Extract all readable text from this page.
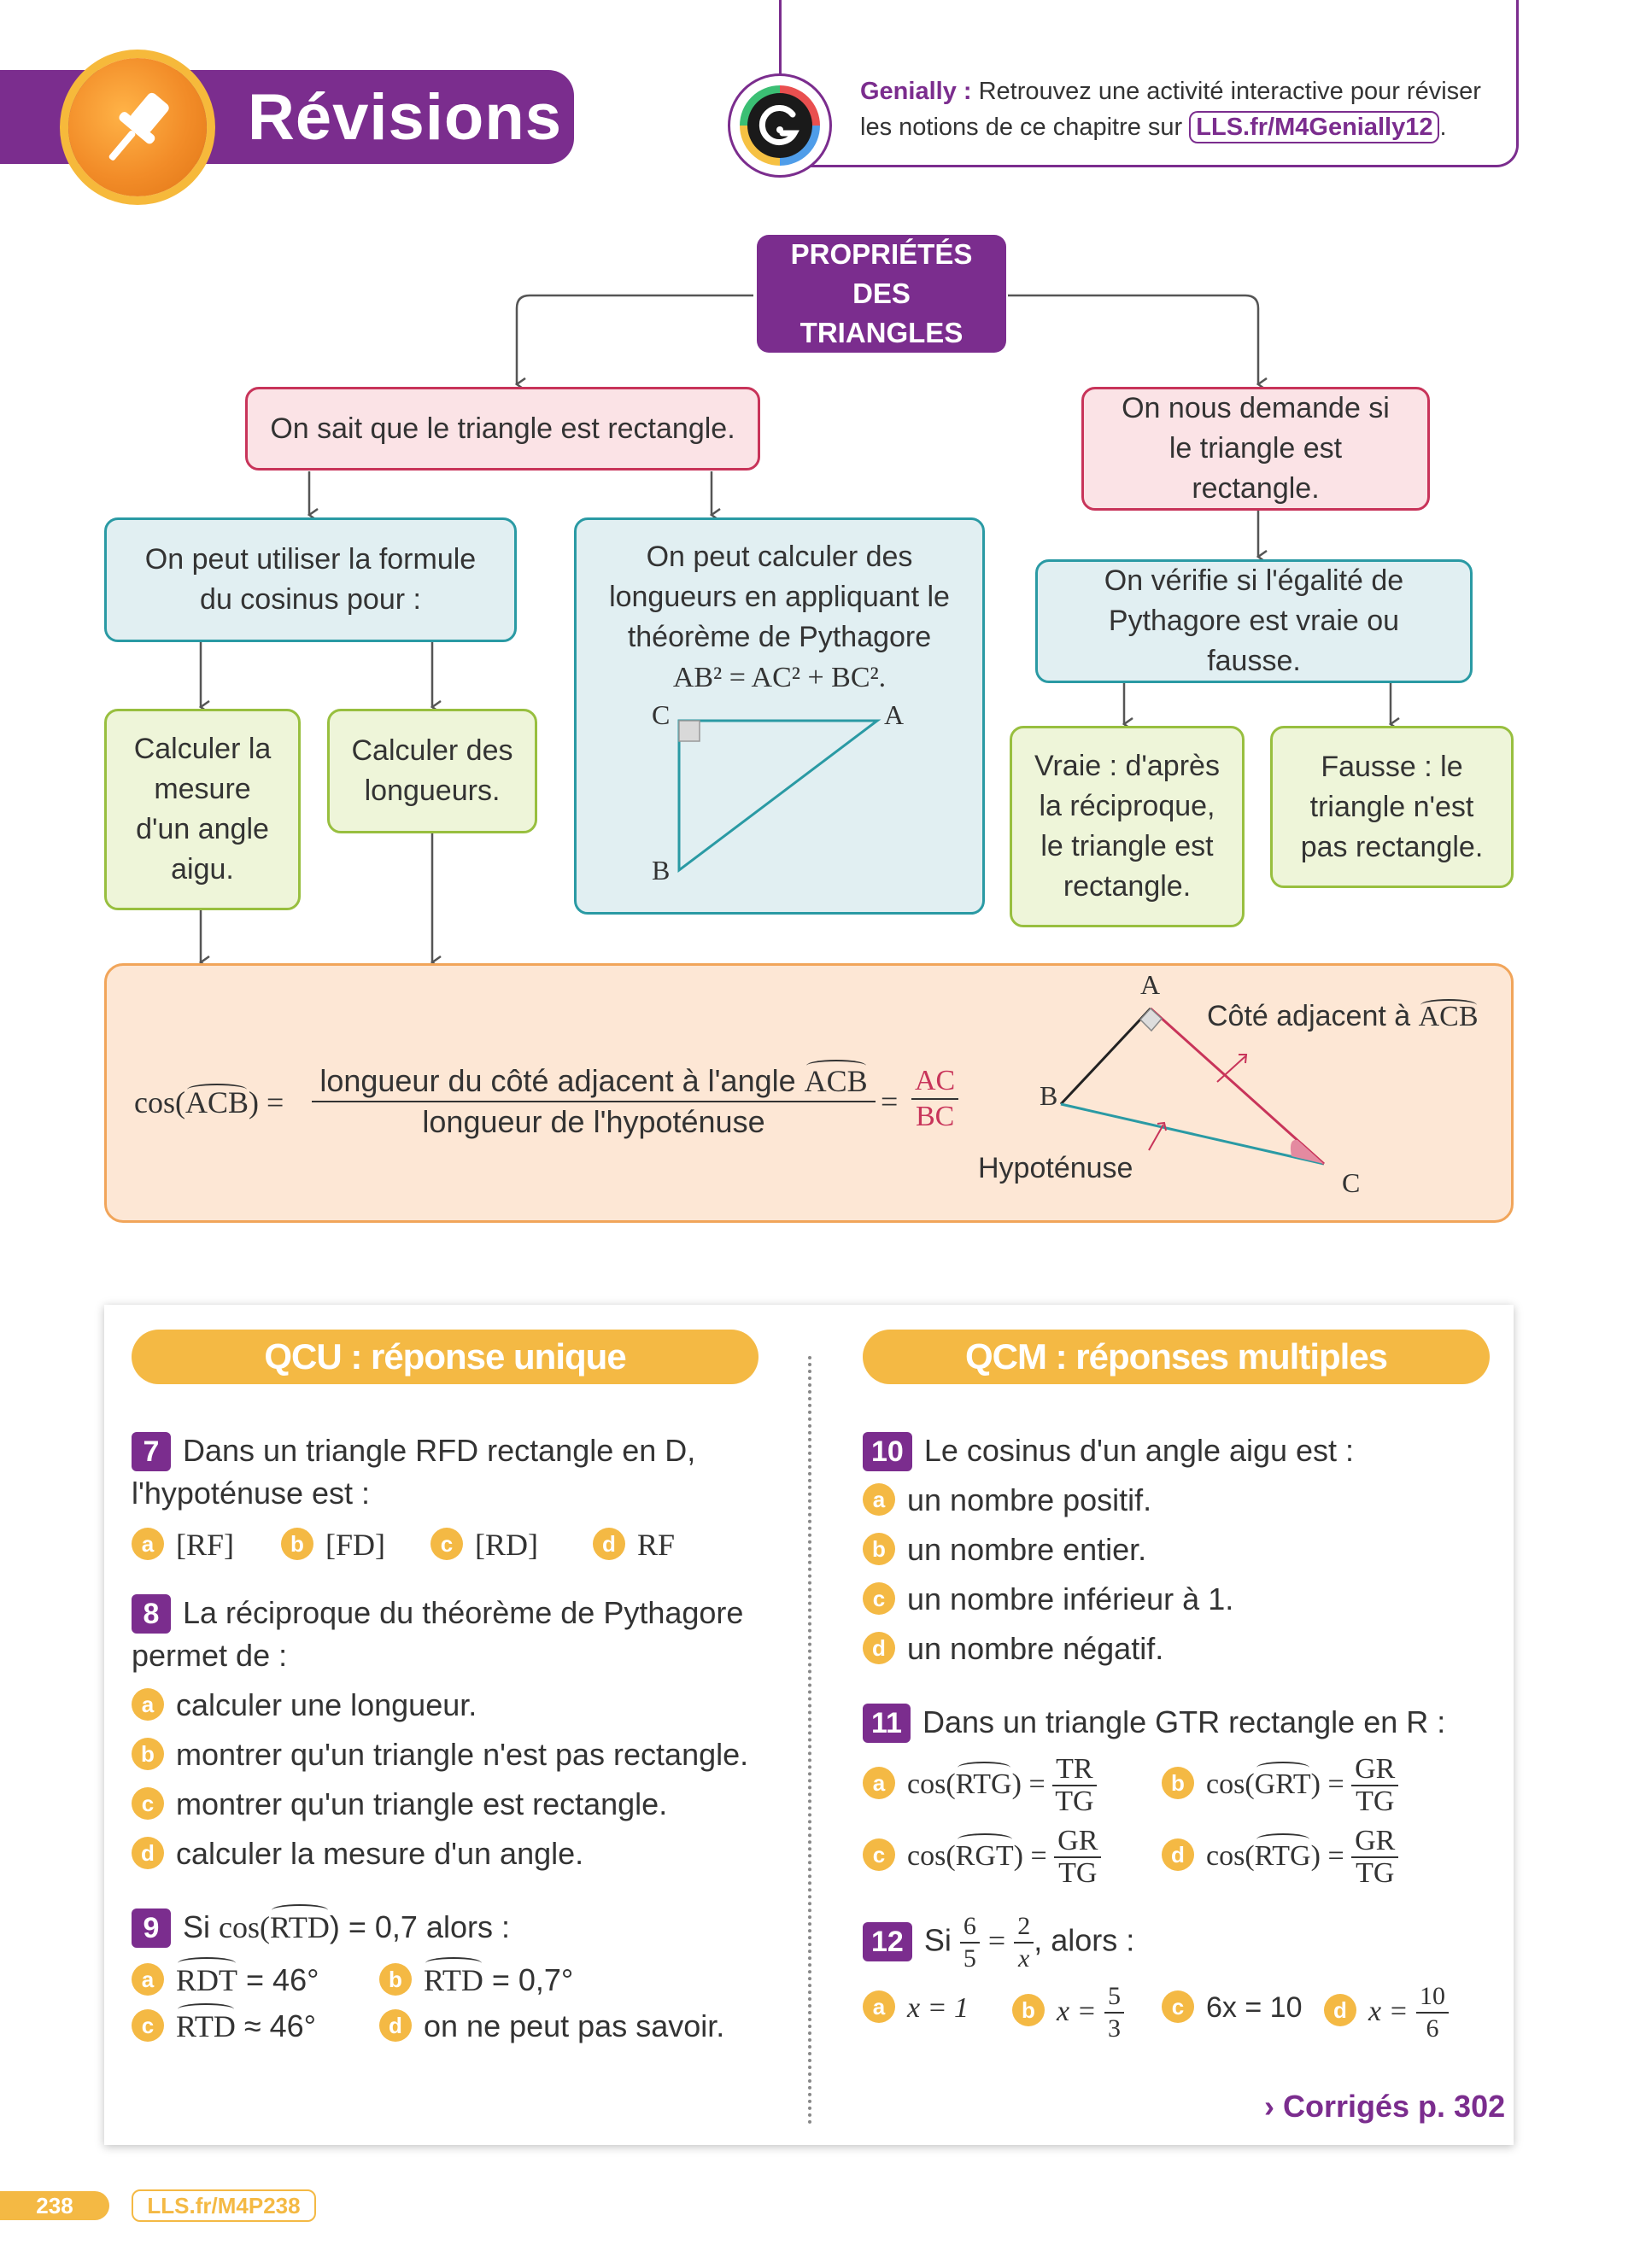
Révisions	Genially : Retrouvez une activité interactive pour réviser
les notions de ce chapitre sur LLS.fr/M4Genially12 .
PROPRIÉTÉS DES TRIANGLES
On sait que le triangle est rectangle.
On nous demande si le triangle est rectangle.
On peut utiliser la formule du cosinus pour :
On peut calculer des longueurs en appliquant le théorème de Pythagore
AB² = AC² + BC².
C	A
B
On vérifie si l'égalité de Pythagore est vraie ou fausse.
Calculer la mesure d'un angle aigu.
Calculer des longueurs.
Vraie : d'après la réciproque, le triangle est rectangle.
Fausse : le triangle n'est pas rectangle.
cos(ACB) =
longueur du côté adjacent à l'angle ACB
longueur de l'hypoténuse
= $\frac{AC}{BC}$
A
B
C
Côté adjacent à ACB
Hypoténuse
QCU : réponse unique	QCM : réponses multiples
7 Dans un triangle RFD rectangle en D, l'hypoténuse est :
a [RF]	b [FD]	c [RD]	d RF
8 La réciproque du théorème de Pythagore permet de :
a calculer une longueur.
b montrer qu'un triangle n'est pas rectangle.
c montrer qu'un triangle est rectangle.
d calculer la mesure d'un angle.
9 Si cos(RTD) = 0,7 alors :
a RDT = 46°	b RTD = 0,7°
c RTD ≈ 46°	d on ne peut pas savoir.
10 Le cosinus d'un angle aigu est :
a un nombre positif.
b un nombre entier.
c un nombre inférieur à 1.
d un nombre négatif.
11 Dans un triangle GTR rectangle en R :
a $\cos(RTG) = \frac{TR}{TG}$	b $\cos(GRT) = \frac{GR}{TG}$
c $\cos(RGT) = \frac{GR}{TG}$	d $\cos(RTG) = \frac{GR}{TG}$
12 Si $\frac{6}{5} = \frac{2}{x}$ , alors :
a x = 1	b $x = \frac{5}{3}$	c 6x = 10	d $x = \frac{10}{6}$
› Corrigés p. 302
238	LLS.fr/M4P238
